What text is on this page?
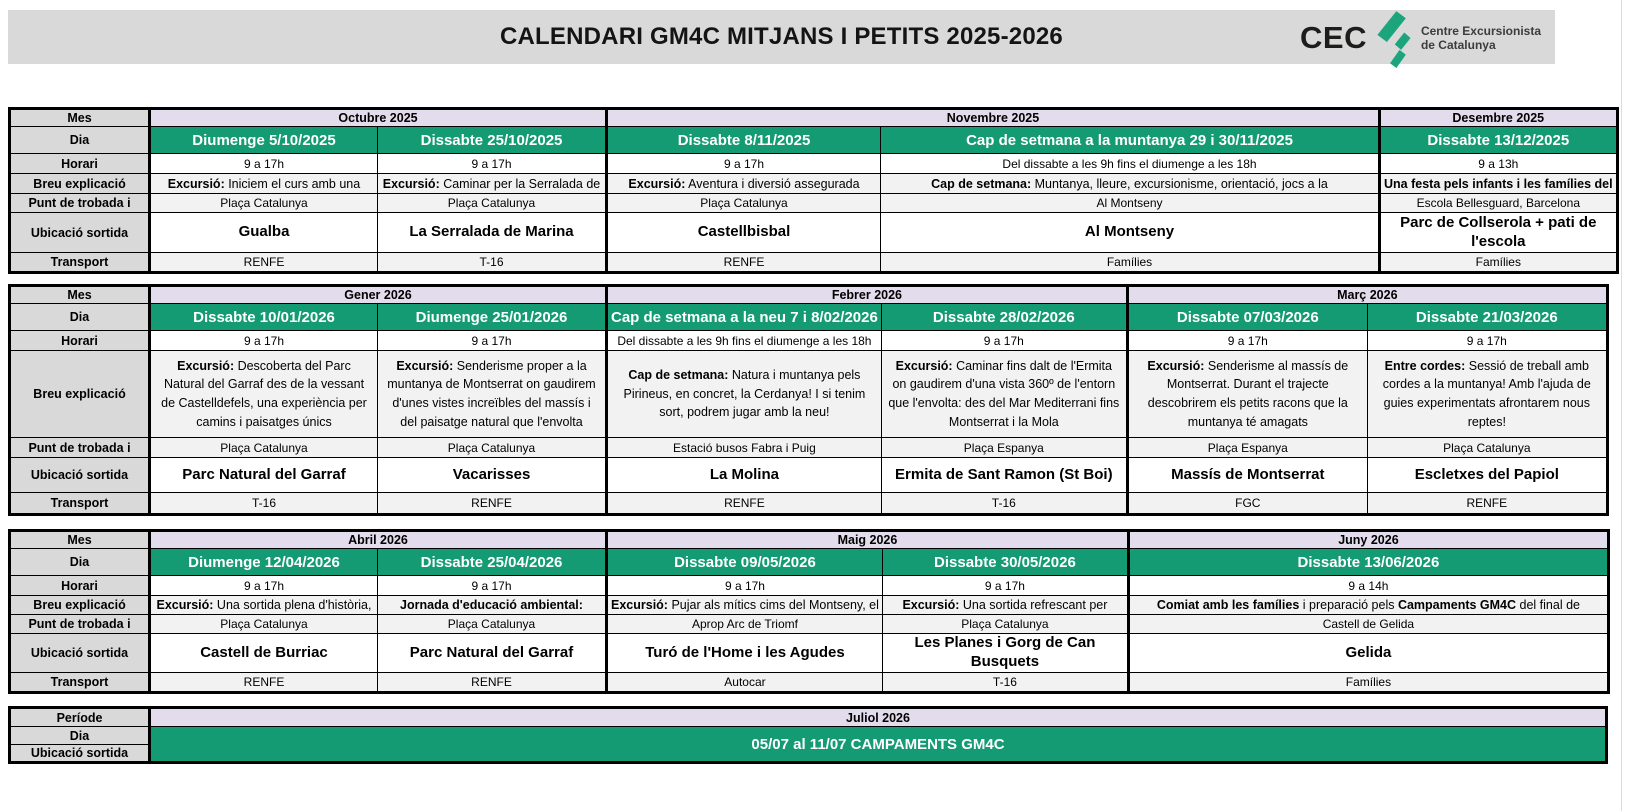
CALENDARI GM4C MITJANS I PETITS 2025-2026	CEC	Centre Excursionista
de Catalunya
Mes	Octubre 2025		Novembre 2025		Desembre 2025
Dia	Diumenge 5/10/2025	Dissabte 25/10/2025	Dissabte 8/11/2025	Cap de setmana a la muntanya 29 i 30/11/2025	Dissabte 13/12/2025
Horari	9 a 17h	9 a 17h	9 a 17h	Del dissabte a les 9h fins el diumenge a les 18h	9 a 13h
Breu explicació	Excursió: Iniciem el curs amb una	Excursió: Caminar per la Serralada de	Excursió: Aventura i diversió assegurada	Cap de setmana: Muntanya, lleure, excursionisme, orientació, jocs a la	Una festa pels infants i les famílies del
Punt de trobada i	Plaça Catalunya	Plaça Catalunya	Plaça Catalunya	Al Montseny	Escola Bellesguard, Barcelona
Ubicació sortida	Gualba	La Serralada de Marina	Castellbisbal	Al Montseny	Parc de Collserola + pati de l'escola
Transport	RENFE	T-16	RENFE	Famílies	Famílies
Mes	Gener 2026		Febrer 2026		Març 2026	
Dia	Dissabte 10/01/2026	Diumenge 25/01/2026	Cap de setmana a la neu 7 i 8/02/2026	Dissabte 28/02/2026	Dissabte 07/03/2026	Dissabte 21/03/2026
Horari	9 a 17h	9 a 17h	Del dissabte a les 9h fins el diumenge a les 18h	9 a 17h	9 a 17h	9 a 17h
Breu explicació	Excursió: Descoberta del Parc Natural del Garraf des de la vessant de Castelldefels, una experiència per camins i paisatges únics	Excursió: Senderisme proper a la muntanya de Montserrat on gaudirem d'unes vistes increïbles del massís i del paisatge natural que l'envolta	Cap de setmana: Natura i muntanya pels Pirineus, en concret, la Cerdanya! I si tenim sort, podrem jugar amb la neu!	Excursió: Caminar fins dalt de l'Ermita on gaudirem d'una vista 360º de l'entorn que l'envolta: des del Mar Mediterrani fins Montserrat i la Mola	Excursió: Senderisme al massís de Montserrat. Durant el trajecte descobrirem els petits racons que la muntanya té amagats	Entre cordes: Sessió de treball amb cordes a la muntanya! Amb l'ajuda de guies experimentats afrontarem nous reptes!
Punt de trobada i	Plaça Catalunya	Plaça Catalunya	Estació busos Fabra i Puig	Plaça Espanya	Plaça Espanya	Plaça Catalunya
Ubicació sortida	Parc Natural del Garraf	Vacarisses	La Molina	Ermita de Sant Ramon (St Boi)	Massís de Montserrat	Escletxes del Papiol
Transport	T-16	RENFE	RENFE	T-16	FGC	RENFE
Mes	Abril 2026		Maig 2026		Juny 2026
Dia	Diumenge 12/04/2026	Dissabte 25/04/2026	Dissabte 09/05/2026	Dissabte 30/05/2026	Dissabte 13/06/2026
Horari	9 a 17h	9 a 17h	9 a 17h	9 a 17h	9 a 14h
Breu explicació	Excursió: Una sortida plena d'història,	Jornada d'educació ambiental:	Excursió: Pujar als mítics cims del Montseny, el	Excursió: Una sortida refrescant per	Comiat amb les famílies i preparació pels Campaments GM4C del final de
Punt de trobada i	Plaça Catalunya	Plaça Catalunya	Aprop Arc de Triomf	Plaça Catalunya	Castell de Gelida
Ubicació sortida	Castell de Burriac	Parc Natural del Garraf	Turó de l'Home i les Agudes	Les Planes i Gorg de Can Busquets	Gelida
Transport	RENFE	RENFE	Autocar	T-16	Famílies
Període	Juliol 2026
Dia	05/07 al 11/07 CAMPAMENTS GM4C
Ubicació sortida	
